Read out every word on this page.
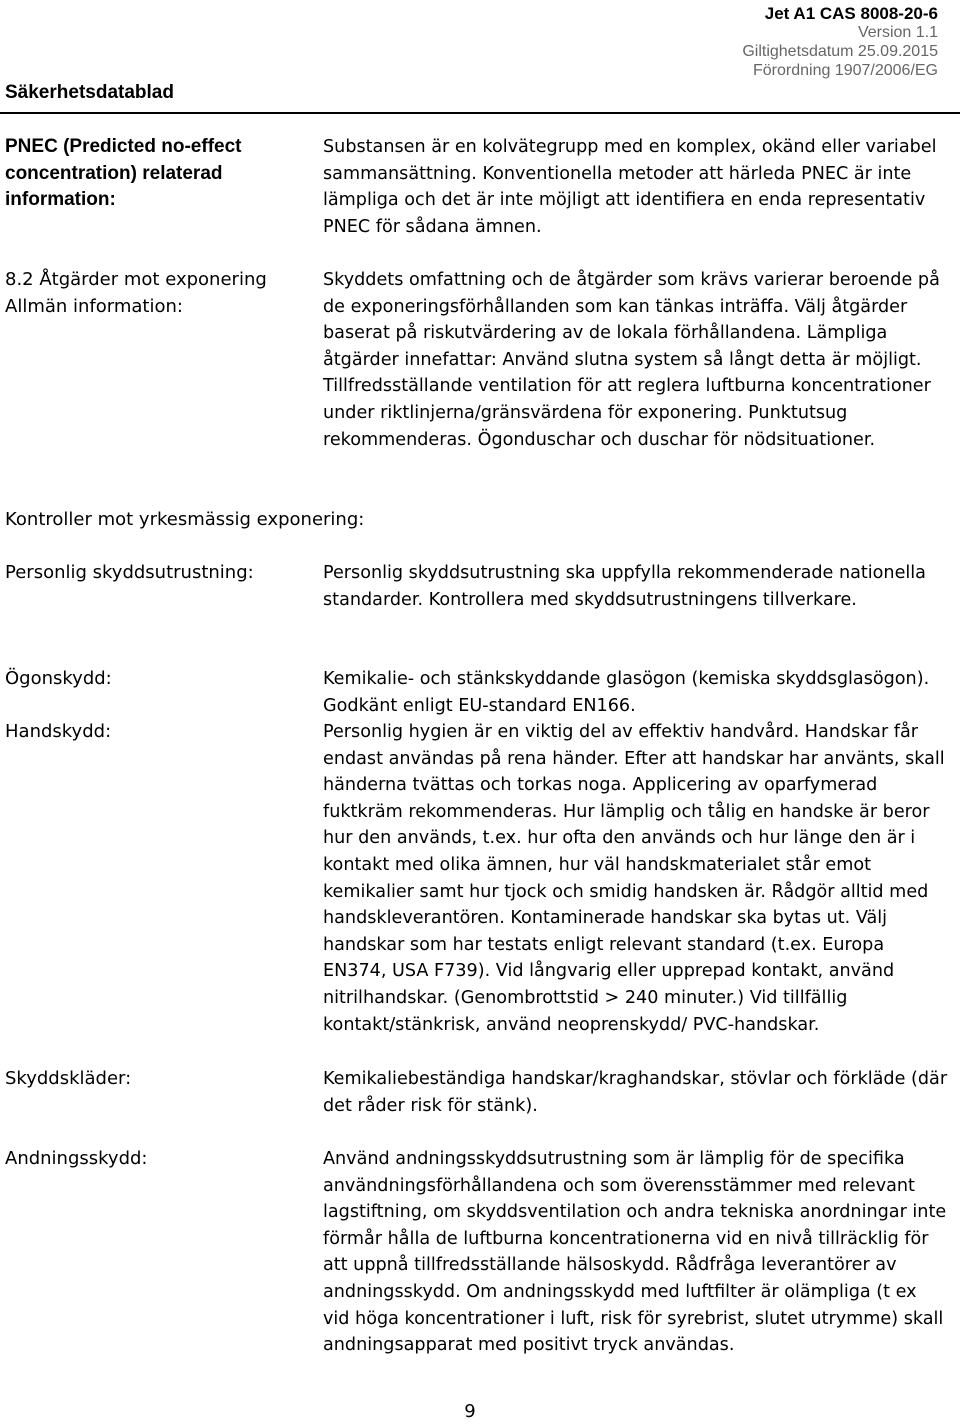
Jet A1 CAS 8008-20-6
Version 1.1
Giltighetsdatum 25.09.2015
Förordning 1907/2006/EG
Säkerhetsdatablad
PNEC (Predicted no-effect concentration) relaterad information:
Substansen är en kolvätegrupp med en komplex, okänd eller variabel sammansättning. Konventionella metoder att härleda PNEC är inte lämpliga och det är inte möjligt att identifiera en enda representativ PNEC för sådana ämnen.
8.2 Åtgärder mot exponering Allmän information:
Skyddets omfattning och de åtgärder som krävs varierar beroende på de exponeringsförhållanden som kan tänkas inträffa. Välj åtgärder baserat på riskutvärdering av de lokala förhållandena. Lämpliga åtgärder innefattar: Använd slutna system så långt detta är möjligt. Tillfredsställande ventilation för att reglera luftburna koncentrationer under riktlinjerna/gränsvärdena för exponering. Punktutsug rekommenderas. Ögonduschar och duschar för nödsituationer.
Kontroller mot yrkesmässig exponering:
Personlig skyddsutrustning:	Personlig skyddsutrustning ska uppfylla rekommenderade nationella standarder. Kontrollera med skyddsutrustningens tillverkare.
Ögonskydd:	Kemikalie- och stänkskyddande glasögon (kemiska skyddsglasögon). Godkänt enligt EU-standard EN166.
Handskydd:	Personlig hygien är en viktig del av effektiv handvård. Handskar får endast användas på rena händer. Efter att handskar har använts, skall händerna tvättas och torkas noga. Applicering av oparfymerad fuktkräm rekommenderas. Hur lämplig och tålig en handske är beror hur den används, t.ex. hur ofta den används och hur länge den är i kontakt med olika ämnen, hur väl handskmaterialet står emot kemikalier samt hur tjock och smidig handsken är. Rådgör alltid med handskleverantören. Kontaminerade handskar ska bytas ut. Välj handskar som har testats enligt relevant standard (t.ex. Europa EN374, USA F739). Vid långvarig eller upprepad kontakt, använd nitrilhandskar. (Genombrottstid > 240 minuter.) Vid tillfällig kontakt/stänkrisk, använd neoprenskydd/ PVC-handskar.
Skyddskläder:	Kemikaliebeständiga handskar/kraghandskar, stövlar och förkläde (där det råder risk för stänk).
Andningsskydd:	Använd andningsskyddsutrustning som är lämplig för de specifika användningsförhållandena och som överensstämmer med relevant lagstiftning, om skyddsventilation och andra tekniska anordningar inte förmår hålla de luftburna koncentrationerna vid en nivå tillräcklig för att uppnå tillfredsställande hälsoskydd. Rådfråga leverantörer av andningsskydd. Om andningsskydd med luftfilter är olämpliga (t ex vid höga koncentrationer i luft, risk för syrebrist, slutet utrymme) skall andningsapparat med positivt tryck användas.
9
